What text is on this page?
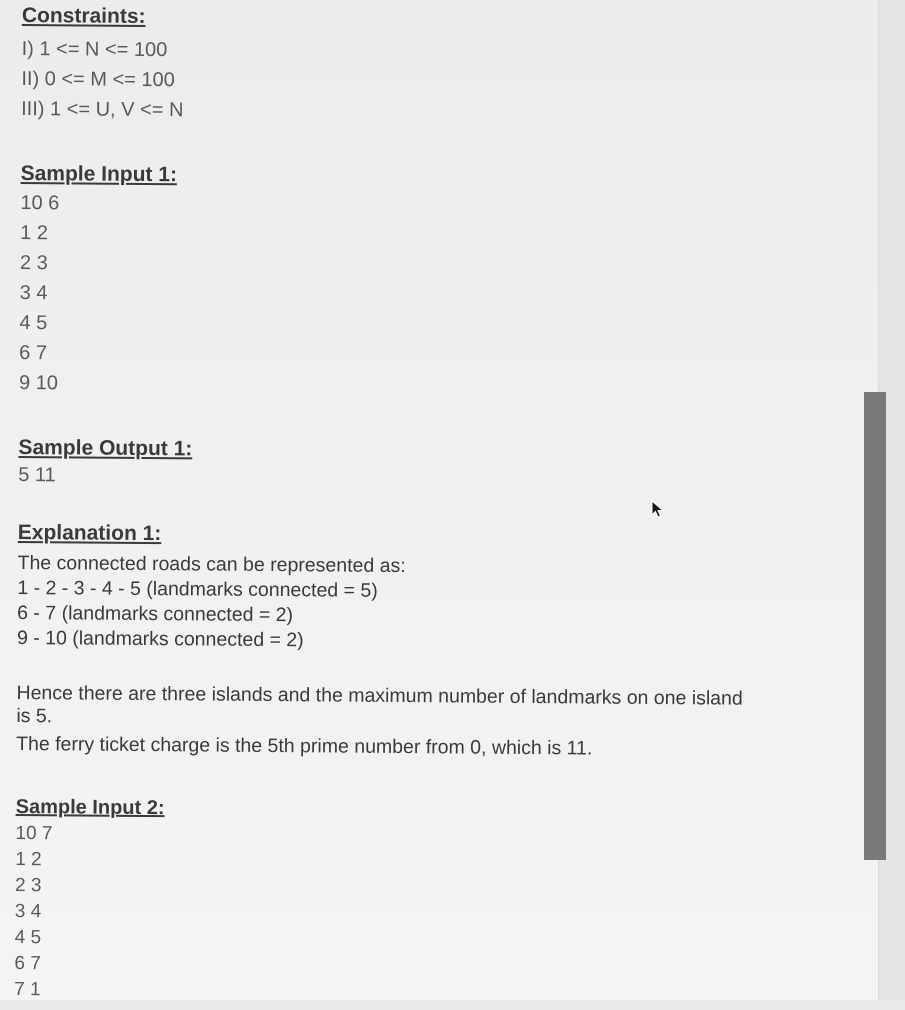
Constraints:

I) 1 <= N <= 100

II) 0 <= M <= 100

III) 1 <= U, V <= N

Sample Input 1:

10 6

1 2

2 3

3 4

4 5

6 7

9 10

Sample Output 1:

5 11

Explanation 1:

The connected roads can be represented as:

1 - 2 - 3 - 4 - 5 (landmarks connected = 5)

6 - 7 (landmarks connected = 2)

9 - 10 (landmarks connected = 2)

Hence there are three islands and the maximum number of landmarks on one island

is 5.

The ferry ticket charge is the 5th prime number from 0, which is 11.

Sample Input 2:

10 7

1 2

2 3

3 4

4 5

6 7

7 1
